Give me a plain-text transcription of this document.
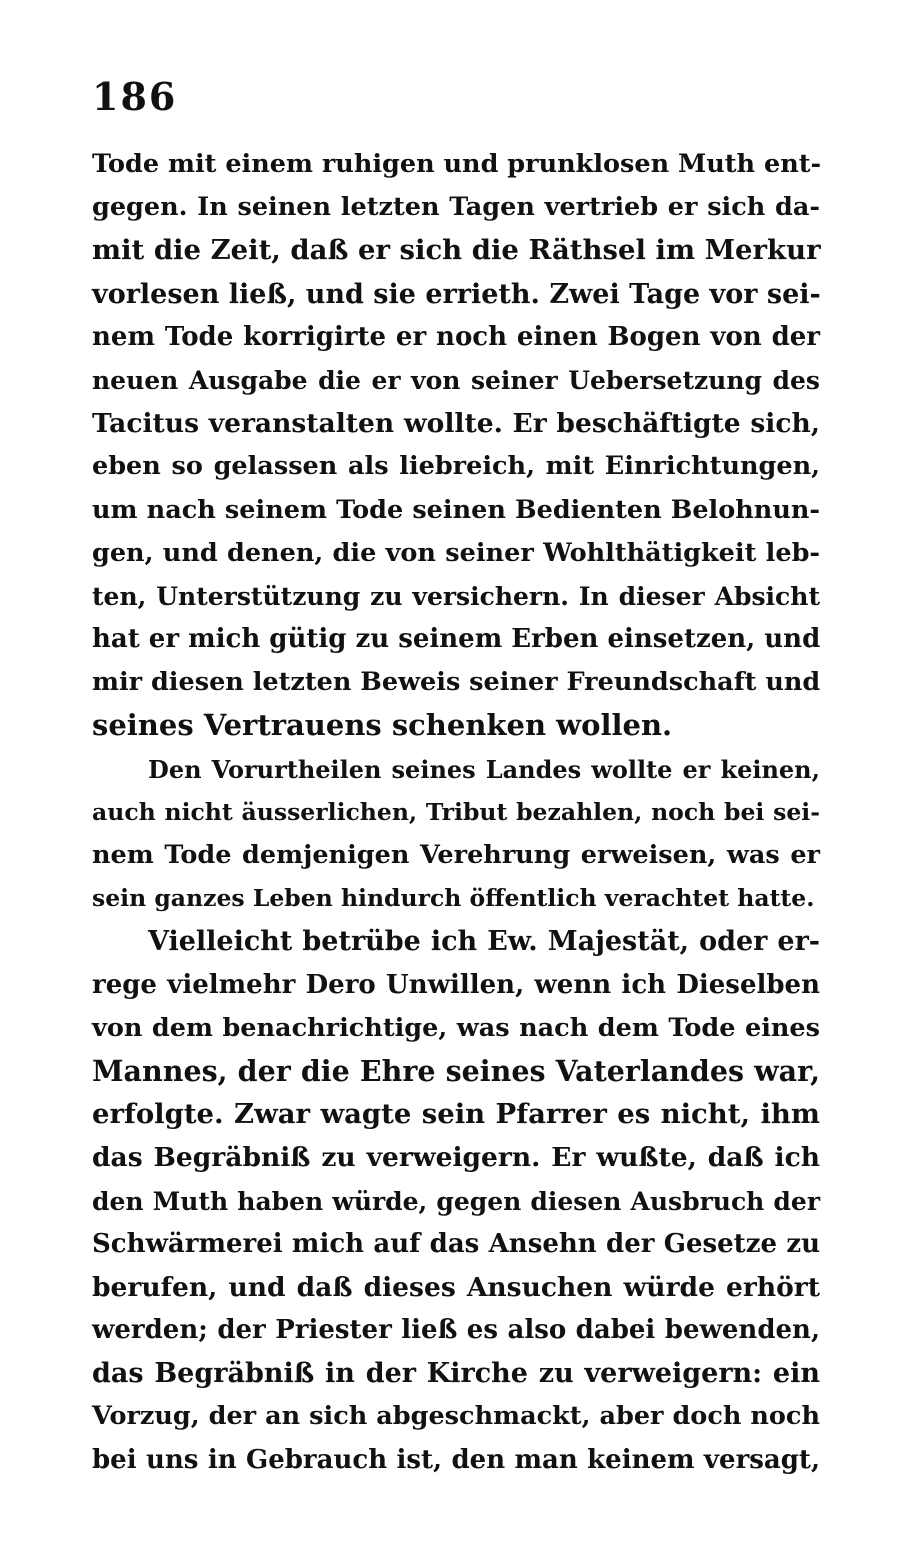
186
Tode mit einem ruhigen und prunklosen Muth ent-
gegen. In seinen letzten Tagen vertrieb er sich da-
mit die Zeit, daß er sich die Räthsel im Merkur
vorlesen ließ, und sie errieth. Zwei Tage vor sei-
nem Tode korrigirte er noch einen Bogen von der
neuen Ausgabe die er von seiner Uebersetzung des
Tacitus veranstalten wollte. Er beschäftigte sich,
eben so gelassen als liebreich, mit Einrichtungen,
um nach seinem Tode seinen Bedienten Belohnun-
gen, und denen, die von seiner Wohlthätigkeit leb-
ten, Unterstützung zu versichern. In dieser Absicht
hat er mich gütig zu seinem Erben einsetzen, und
mir diesen letzten Beweis seiner Freundschaft und
seines Vertrauens schenken wollen.
Den Vorurtheilen seines Landes wollte er keinen,
auch nicht äusserlichen, Tribut bezahlen, noch bei sei-
nem Tode demjenigen Verehrung erweisen, was er
sein ganzes Leben hindurch öffentlich verachtet hatte.
Vielleicht betrübe ich Ew. Majestät, oder er-
rege vielmehr Dero Unwillen, wenn ich Dieselben
von dem benachrichtige, was nach dem Tode eines
Mannes, der die Ehre seines Vaterlandes war,
erfolgte. Zwar wagte sein Pfarrer es nicht, ihm
das Begräbniß zu verweigern. Er wußte, daß ich
den Muth haben würde, gegen diesen Ausbruch der
Schwärmerei mich auf das Ansehn der Gesetze zu
berufen, und daß dieses Ansuchen würde erhört
werden; der Priester ließ es also dabei bewenden,
das Begräbniß in der Kirche zu verweigern: ein
Vorzug, der an sich abgeschmackt, aber doch noch
bei uns in Gebrauch ist, den man keinem versagt,
